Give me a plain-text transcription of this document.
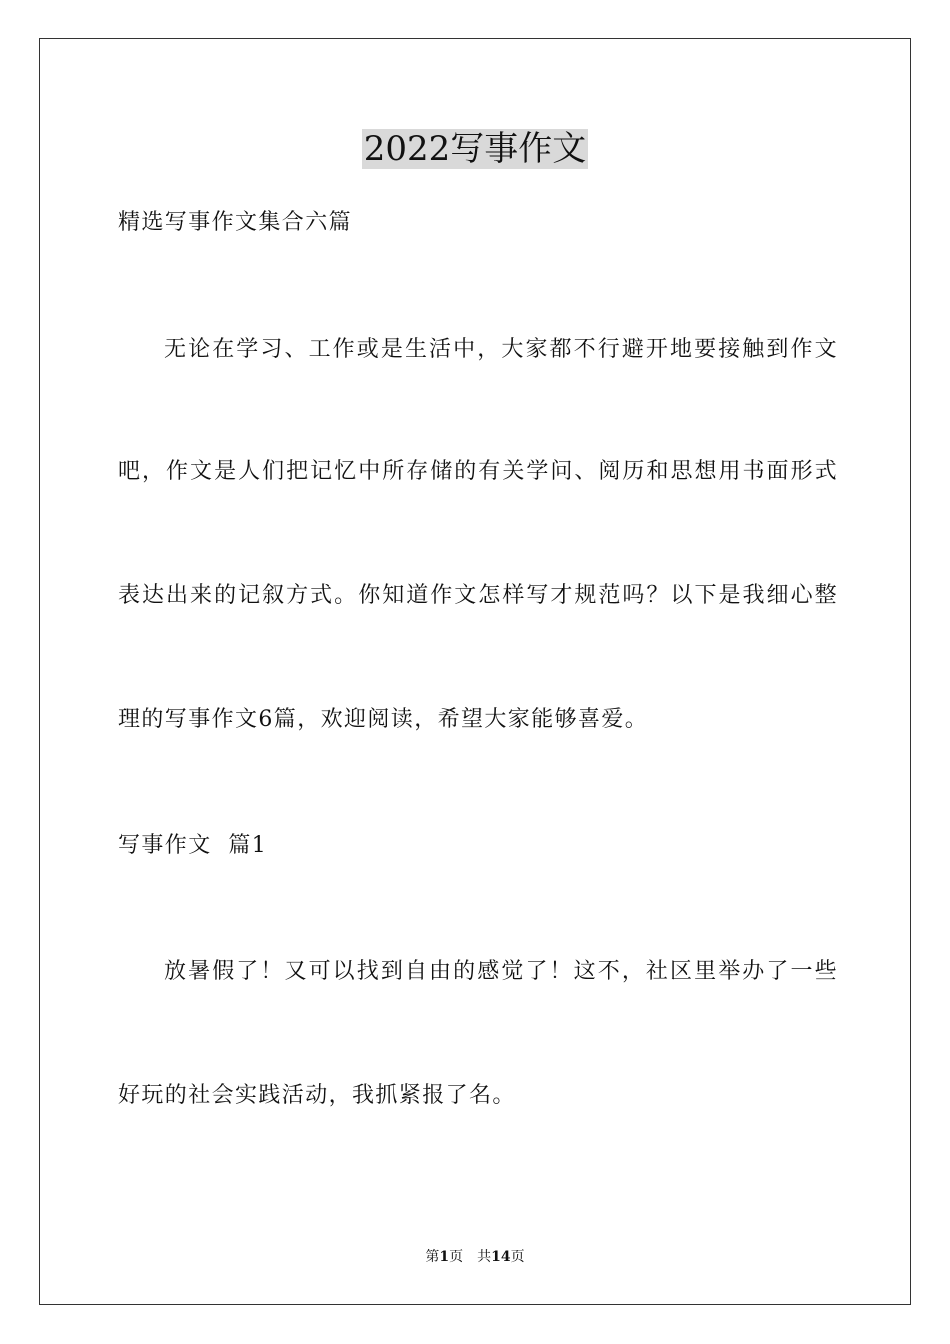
2022写事作文
精选写事作文集合六篇
无论在学习、工作或是生活中，大家都不行避开地要接触到作文
吧，作文是人们把记忆中所存储的有关学问、阅历和思想用书面形式
表达出来的记叙方式。你知道作文怎样写才规范吗？以下是我细心整
理的写事作文6篇，欢迎阅读，希望大家能够喜爱。
写事作文  篇1
放暑假了！又可以找到自由的感觉了！这不，社区里举办了一些
好玩的社会实践活动，我抓紧报了名。
第1页　共14页
